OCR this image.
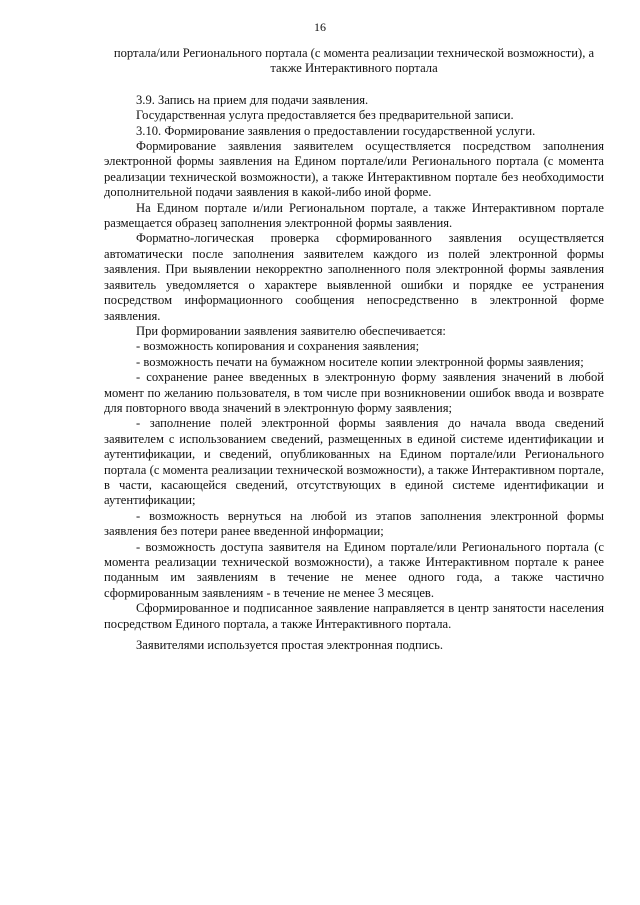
16

портала/или Регионального портала (с момента реализации технической возможности), а также Интерактивного портала

3.9. Запись на прием для подачи заявления.

Государственная услуга предоставляется без предварительной записи.

3.10. Формирование заявления о предоставлении государственной услуги.

Формирование заявления заявителем осуществляется посредством заполнения электронной формы заявления на Едином портале/или Регионального портала (с момента реализации технической возможности), а также Интерактивном портале без необходимости дополнительной подачи заявления в какой-либо иной форме.

На Едином портале и/или Региональном портале, а также Интерактивном портале размещается образец заполнения электронной формы заявления.

Форматно-логическая проверка сформированного заявления осуществляется автоматически после заполнения заявителем каждого из полей электронной формы заявления. При выявлении некорректно заполненного поля электронной формы заявления заявитель уведомляется о характере выявленной ошибки и порядке ее устранения посредством информационного сообщения непосредственно в электронной форме заявления.

При формировании заявления заявителю обеспечивается:

- возможность копирования и сохранения заявления;

- возможность печати на бумажном носителе копии электронной формы заявления;

- сохранение ранее введенных в электронную форму заявления значений в любой момент по желанию пользователя, в том числе при возникновении ошибок ввода и возврате для повторного ввода значений в электронную форму заявления;

- заполнение полей электронной формы заявления до начала ввода сведений заявителем с использованием сведений, размещенных в единой системе идентификации и аутентификации, и сведений, опубликованных на Едином портале/или Регионального портала (с момента реализации технической возможности), а также Интерактивном портале, в части, касающейся сведений, отсутствующих в единой системе идентификации и аутентификации;

- возможность вернуться на любой из этапов заполнения электронной формы заявления без потери ранее введенной информации;

- возможность доступа заявителя на Едином портале/или Регионального портала (с момента реализации технической возможности), а также Интерактивном портале к ранее поданным им заявлениям в течение не менее одного года, а также частично сформированным заявлениям - в течение не менее 3 месяцев.

Сформированное и подписанное заявление направляется в центр занятости населения посредством Единого портала, а также Интерактивного портала.

Заявителями используется простая электронная подпись.
